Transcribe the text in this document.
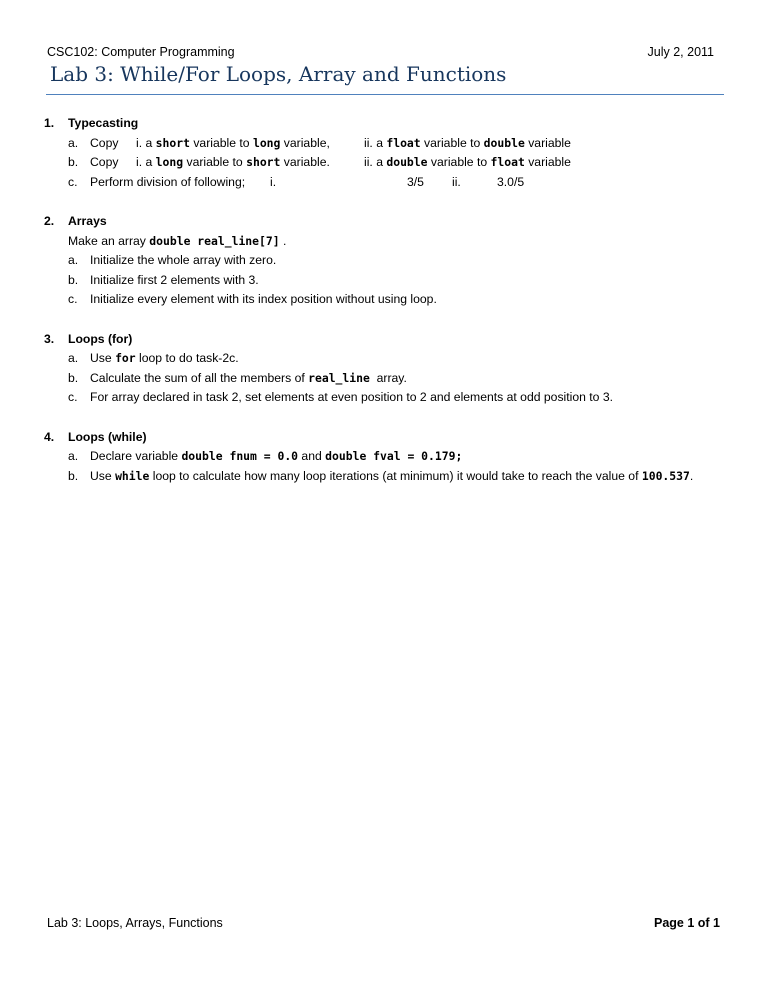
CSC102: Computer Programming	July 2, 2011
Lab 3: While/For Loops, Array and Functions
1.	Typecasting
a. Copy i. a short variable to long variable,	ii. a float variable to double variable
b. Copy i. a long variable to short variable.	ii. a double variable to float variable
c.	Perform division of following; i.	3/5 ii.	3.0/5
2.	Arrays
Make an array double real_line[7] .
a. Initialize the whole array with zero.
b. Initialize first 2 elements with 3.
c.	Initialize every element with its index position without using loop.
3.	Loops (for)
a. Use for loop to do task-2c.
b. Calculate the sum of all the members of real_line  array.
c.	For array declared in task 2, set elements at even position to 2 and elements at odd position to 3.
4.	Loops (while)
a. Declare variable double fnum = 0.0 and double fval = 0.179;
b. Use while loop to calculate how many loop iterations (at minimum) it would take to reach the value of 100.537.
Lab 3: Loops, Arrays, Functions	Page 1 of 1
